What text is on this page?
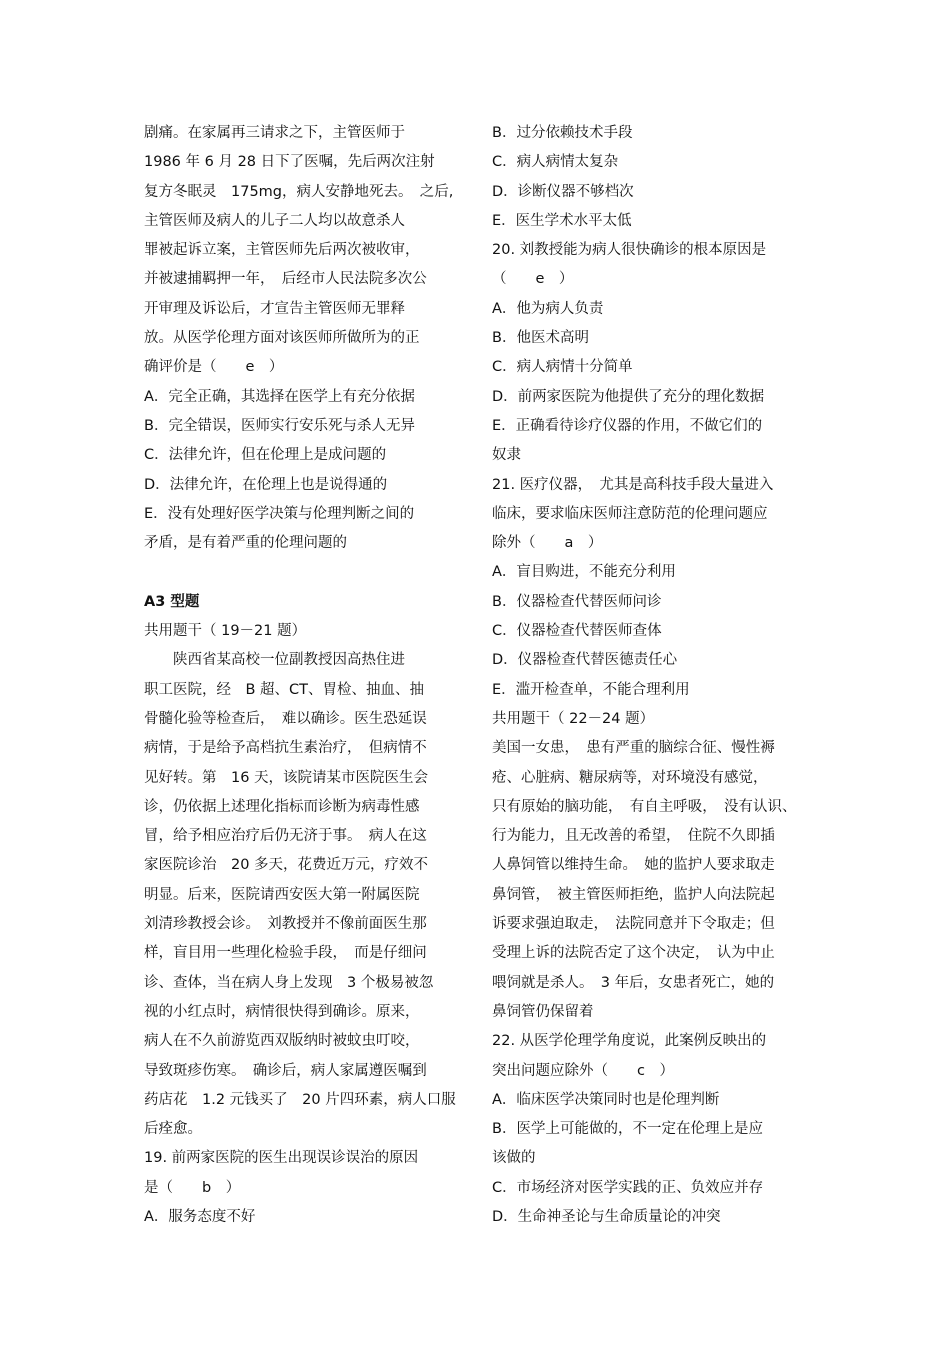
剧痛。在家属再三请求之下，主管医师于
1986 年 6 月 28 日下了医嘱，先后两次注射
复方冬眠灵　175mg，病人安静地死去。　之后,
主管医师及病人的儿子二人均以故意杀人
罪被起诉立案，主管医师先后两次被收审，
并被逮捕羁押一年，　后经市人民法院多次公
开审理及诉讼后，才宣告主管医师无罪释
放。从医学伦理方面对该医师所做所为的正
确评价是（　　e　）
A．完全正确，其选择在医学上有充分依据
B．完全错误，医师实行安乐死与杀人无异
C．法律允许，但在伦理上是成问题的
D．法律允许，在伦理上也是说得通的
E．没有处理好医学决策与伦理判断之间的
矛盾，是有着严重的伦理问题的
A3 型题
共用题干（ 19－21 题）
　　陕西省某高校一位副教授因高热住进
职工医院，经　B 超、CT、胃检、抽血、抽
骨髓化验等检查后，　难以确诊。医生恐延误
病情，于是给予高档抗生素治疗，　但病情不
见好转。第　16 天，该院请某市医院医生会
诊，仍依据上述理化指标而诊断为病毒性感
冒，给予相应治疗后仍无济于事。　病人在这
家医院诊治　20 多天，花费近万元，疗效不
明显。后来，医院请西安医大第一附属医院
刘清珍教授会诊。　刘教授并不像前面医生那
样，盲目用一些理化检验手段，　而是仔细问
诊、查体，当在病人身上发现　3 个极易被忽
视的小红点时，病情很快得到确诊。原来，
病人在不久前游览西双版纳时被蚊虫叮咬，
导致斑疹伤寒。　确诊后，病人家属遵医嘱到
药店花　1.2 元钱买了　20 片四环素，病人口服
后痊愈。
19. 前两家医院的医生出现误诊误治的原因
是（　　b　）
A．服务态度不好
B．过分依赖技术手段
C．病人病情太复杂
D．诊断仪器不够档次
E．医生学术水平太低
20. 刘教授能为病人很快确诊的根本原因是
（　　e　）
A．他为病人负责
B．他医术高明
C．病人病情十分简单
D．前两家医院为他提供了充分的理化数据
E．正确看待诊疗仪器的作用，不做它们的
奴隶
21. 医疗仪器，　尤其是高科技手段大量进入
临床，要求临床医师注意防范的伦理问题应
除外（　　a　）
A．盲目购进，不能充分利用
B．仪器检查代替医师问诊
C．仪器检查代替医师查体
D．仪器检查代替医德责任心
E．滥开检查单，不能合理利用
共用题干（ 22－24 题）
美国一女患，　患有严重的脑综合征、慢性褥
疮、心脏病、糖尿病等，对环境没有感觉，
只有原始的脑功能，　有自主呼吸，　没有认识、
行为能力，且无改善的希望，　住院不久即插
人鼻饲管以维持生命。　她的监护人要求取走
鼻饲管，　被主管医师拒绝，监护人向法院起
诉要求强迫取走，　法院同意并下令取走；但
受理上诉的法院否定了这个决定，　认为中止
喂饲就是杀人。　3 年后，女患者死亡，她的
鼻饲管仍保留着
22. 从医学伦理学角度说，此案例反映出的
突出问题应除外（　　c　）
A．临床医学决策同时也是伦理判断
B．医学上可能做的，不一定在伦理上是应
该做的
C．市场经济对医学实践的正、负效应并存
D．生命神圣论与生命质量论的冲突
